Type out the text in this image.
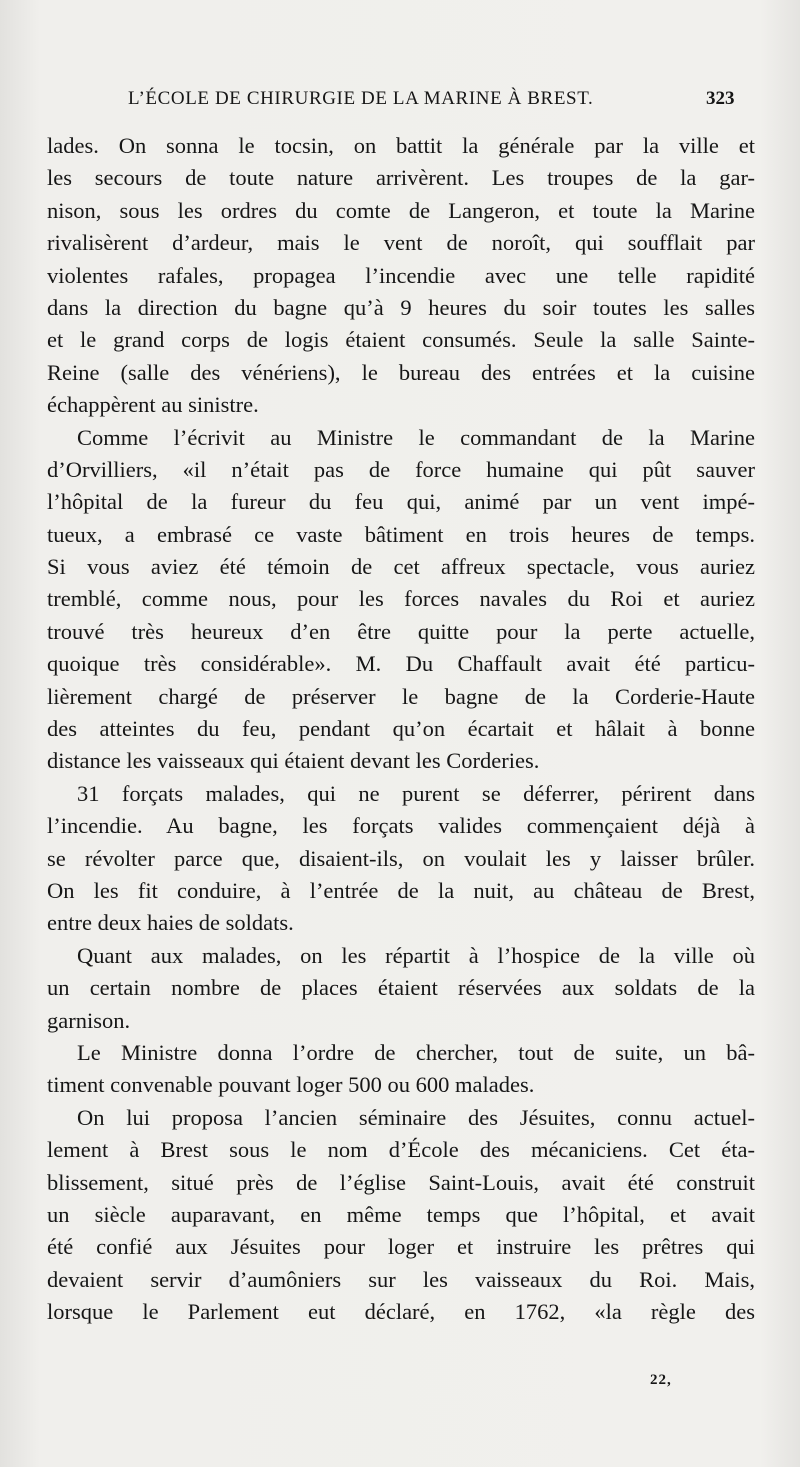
L’ÉCOLE DE CHIRURGIE DE LA MARINE À BREST.	323
lades. On sonna le tocsin, on battit la générale par la ville et
les secours de toute nature arrivèrent. Les troupes de la gar-
nison, sous les ordres du comte de Langeron, et toute la Marine
rivalisèrent d’ardeur, mais le vent de noroît, qui soufflait par
violentes rafales, propagea l’incendie avec une telle rapidité
dans la direction du bagne qu’à 9 heures du soir toutes les salles
et le grand corps de logis étaient consumés. Seule la salle Sainte-
Reine (salle des vénériens), le bureau des entrées et la cuisine
échappèrent au sinistre.
Comme l’écrivit au Ministre le commandant de la Marine
d’Orvilliers, «il n’était pas de force humaine qui pût sauver
l’hôpital de la fureur du feu qui, animé par un vent impé-
tueux, a embrasé ce vaste bâtiment en trois heures de temps.
Si vous aviez été témoin de cet affreux spectacle, vous auriez
tremblé, comme nous, pour les forces navales du Roi et auriez
trouvé très heureux d’en être quitte pour la perte actuelle,
quoique très considérable». M. Du Chaffault avait été particu-
lièrement chargé de préserver le bagne de la Corderie-Haute
des atteintes du feu, pendant qu’on écartait et hâlait à bonne
distance les vaisseaux qui étaient devant les Corderies.
31 forçats malades, qui ne purent se déferrer, périrent dans
l’incendie. Au bagne, les forçats valides commençaient déjà à
se révolter parce que, disaient-ils, on voulait les y laisser brûler.
On les fit conduire, à l’entrée de la nuit, au château de Brest,
entre deux haies de soldats.
Quant aux malades, on les répartit à l’hospice de la ville où
un certain nombre de places étaient réservées aux soldats de la
garnison.
Le Ministre donna l’ordre de chercher, tout de suite, un bâ-
timent convenable pouvant loger 500 ou 600 malades.
On lui proposa l’ancien séminaire des Jésuites, connu actuel-
lement à Brest sous le nom d’École des mécaniciens. Cet éta-
blissement, situé près de l’église Saint-Louis, avait été construit
un siècle auparavant, en même temps que l’hôpital, et avait
été confié aux Jésuites pour loger et instruire les prêtres qui
devaient servir d’aumôniers sur les vaisseaux du Roi. Mais,
lorsque le Parlement eut déclaré, en 1762, «la règle des
22,
